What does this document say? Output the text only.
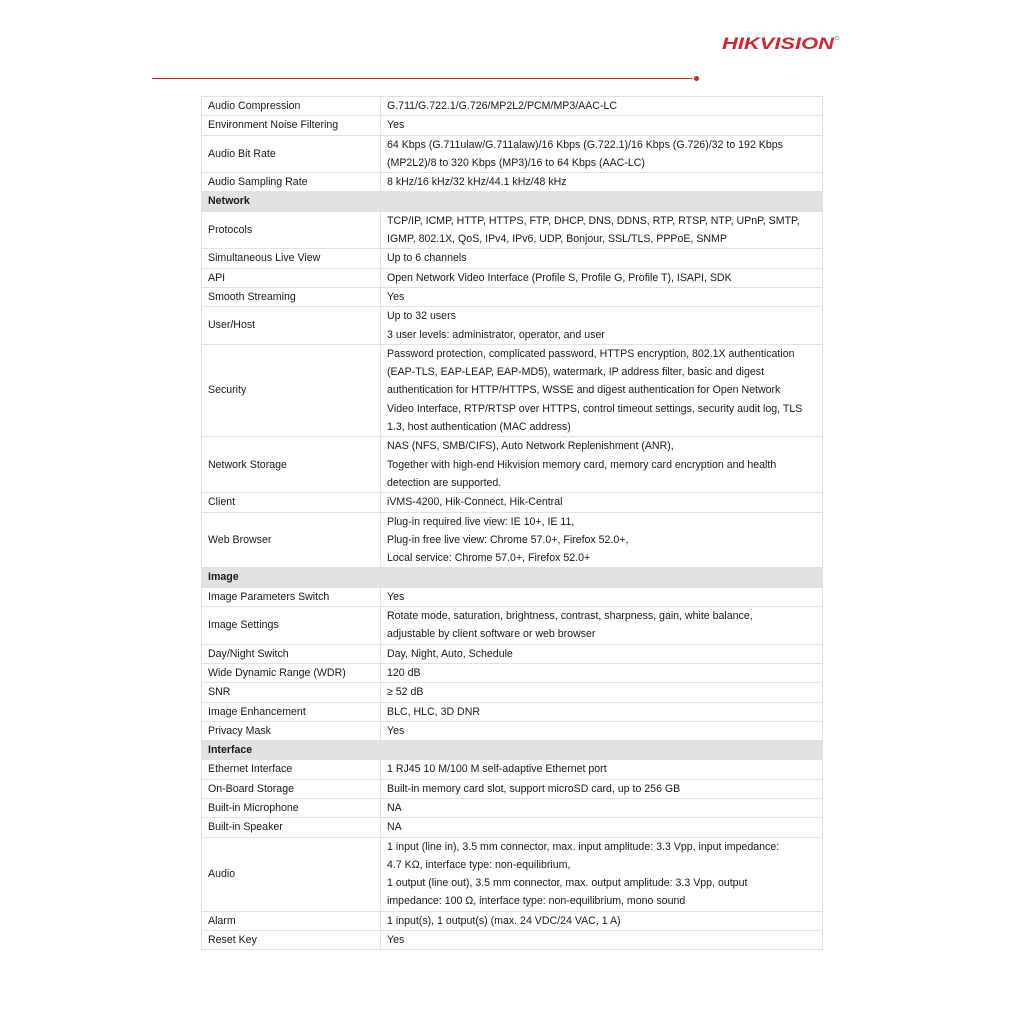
HIKVISION
Audio Compression	G.711/G.722.1/G.726/MP2L2/PCM/MP3/AAC-LC
Environment Noise Filtering	Yes
Audio Bit Rate	64 Kbps (G.711ulaw/G.711alaw)/16 Kbps (G.722.1)/16 Kbps (G.726)/32 to 192 Kbps
(MP2L2)/8 to 320 Kbps (MP3)/16 to 64 Kbps (AAC-LC)
Audio Sampling Rate	8 kHz/16 kHz/32 kHz/44.1 kHz/48 kHz
Network	
Protocols	TCP/IP, ICMP, HTTP, HTTPS, FTP, DHCP, DNS, DDNS, RTP, RTSP, NTP, UPnP, SMTP,
IGMP, 802.1X, QoS, IPv4, IPv6, UDP, Bonjour, SSL/TLS, PPPoE, SNMP
Simultaneous Live View	Up to 6 channels
API	Open Network Video Interface (Profile S, Profile G, Profile T), ISAPI, SDK
Smooth Streaming	Yes
User/Host	Up to 32 users
3 user levels: administrator, operator, and user
Security	Password protection, complicated password, HTTPS encryption, 802.1X authentication
(EAP-TLS, EAP-LEAP, EAP-MD5), watermark, IP address filter, basic and digest
authentication for HTTP/HTTPS, WSSE and digest authentication for Open Network
Video Interface, RTP/RTSP over HTTPS, control timeout settings, security audit log, TLS
1.3, host authentication (MAC address)
Network Storage	NAS (NFS, SMB/CIFS), Auto Network Replenishment (ANR),
Together with high-end Hikvision memory card, memory card encryption and health
detection are supported.
Client	iVMS-4200, Hik-Connect, Hik-Central
Web Browser	Plug-in required live view: IE 10+, IE 11,
Plug-in free live view: Chrome 57.0+, Firefox 52.0+,
Local service: Chrome 57.0+, Firefox 52.0+
Image	
Image Parameters Switch	Yes
Image Settings	Rotate mode, saturation, brightness, contrast, sharpness, gain, white balance,
adjustable by client software or web browser
Day/Night Switch	Day, Night, Auto, Schedule
Wide Dynamic Range (WDR)	120 dB
SNR	≥ 52 dB
Image Enhancement	BLC, HLC, 3D DNR
Privacy Mask	Yes
Interface	
Ethernet Interface	1 RJ45 10 M/100 M self-adaptive Ethernet port
On-Board Storage	Built-in memory card slot, support microSD card, up to 256 GB
Built-in Microphone	NA
Built-in Speaker	NA
Audio	1 input (line in), 3.5 mm connector, max. input amplitude: 3.3 Vpp, input impedance:
4.7 KΩ, interface type: non-equilibrium,
1 output (line out), 3.5 mm connector, max. output amplitude: 3.3 Vpp, output
impedance: 100 Ω, interface type: non-equilibrium, mono sound
Alarm	1 input(s), 1 output(s) (max. 24 VDC/24 VAC, 1 A)
Reset Key	Yes
